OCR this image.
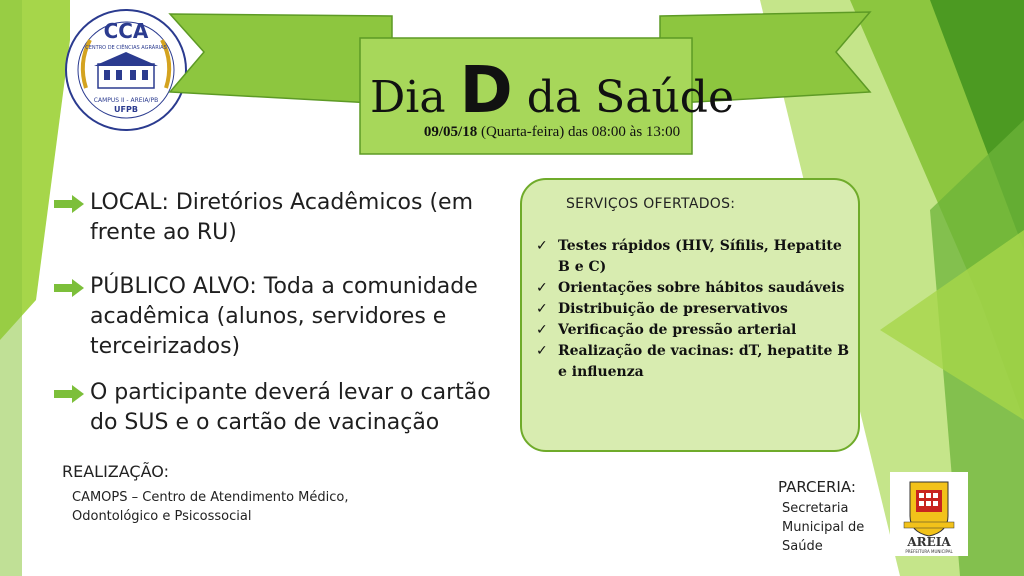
CCA
CENTRO DE CIÊNCIAS AGRÁRIAS
CAMPUS II - AREIA/PB
UFPB	Dia D da Saúde
09/05/18 (Quarta-feira) das 08:00 às 13:00
LOCAL: Diretórios Acadêmicos (em frente ao RU)
PÚBLICO ALVO: Toda a comunidade acadêmica (alunos, servidores e terceirizados)
O participante deverá levar o cartão do SUS e o cartão de vacinação
SERVIÇOS OFERTADOS:
✓ Testes rápidos (HIV, Sífilis, Hepatite B e C)
✓ Orientações sobre hábitos saudáveis
✓ Distribuição de preservativos
✓ Verificação de pressão arterial
✓ Realização de vacinas: dT, hepatite B e influenza
REALIZAÇÃO:
CAMOPS – Centro de Atendimento Médico, Odontológico e Psicossocial
PARCERIA:
Secretaria Municipal de Saúde	AREIA
PREFEITURA MUNICIPAL
